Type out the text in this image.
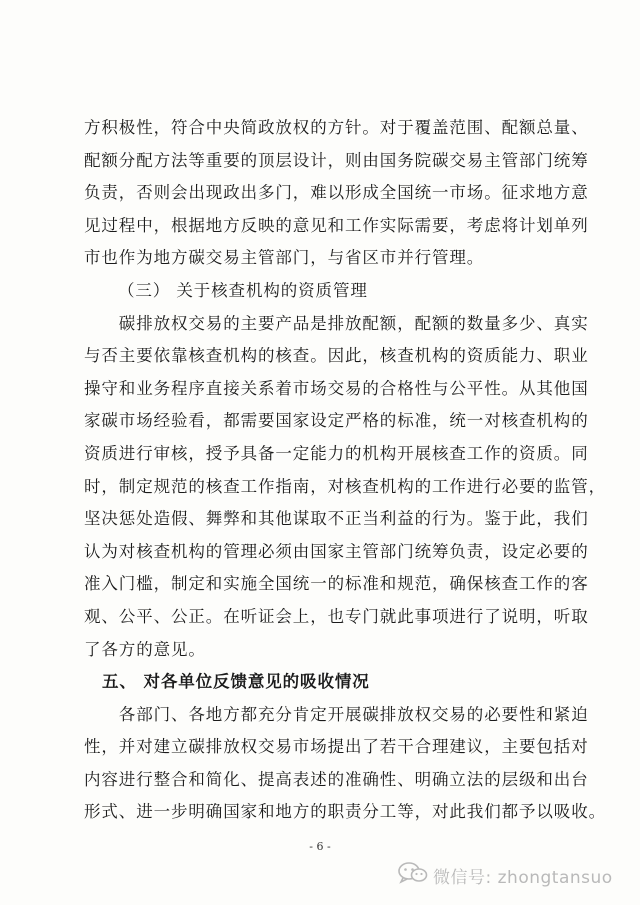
方积极性，符合中央简政放权的方针。对于覆盖范围、配额总量、
配额分配方法等重要的顶层设计，则由国务院碳交易主管部门统筹
负责，否则会出现政出多门，难以形成全国统一市场。征求地方意
见过程中，根据地方反映的意见和工作实际需要，考虑将计划单列
市也作为地方碳交易主管部门，与省区市并行管理。
（三） 关于核查机构的资质管理
　　碳排放权交易的主要产品是排放配额，配额的数量多少、真实
与否主要依靠核查机构的核查。因此，核查机构的资质能力、职业
操守和业务程序直接关系着市场交易的合格性与公平性。从其他国
家碳市场经验看，都需要国家设定严格的标准，统一对核查机构的
资质进行审核，授予具备一定能力的机构开展核查工作的资质。同
时，制定规范的核查工作指南，对核查机构的工作进行必要的监管，
坚决惩处造假、舞弊和其他谋取不正当利益的行为。鉴于此，我们
认为对核查机构的管理必须由国家主管部门统筹负责，设定必要的
准入门槛，制定和实施全国统一的标准和规范，确保核查工作的客
观、公平、公正。在听证会上，也专门就此事项进行了说明，听取
了各方的意见。
五、 对各单位反馈意见的吸收情况
　　各部门、各地方都充分肯定开展碳排放权交易的必要性和紧迫
性，并对建立碳排放权交易市场提出了若干合理建议，主要包括对
内容进行整合和简化、提高表述的准确性、明确立法的层级和出台
形式、进一步明确国家和地方的职责分工等，对此我们都予以吸收。
- 6 -
微信号: zhongtansuo
